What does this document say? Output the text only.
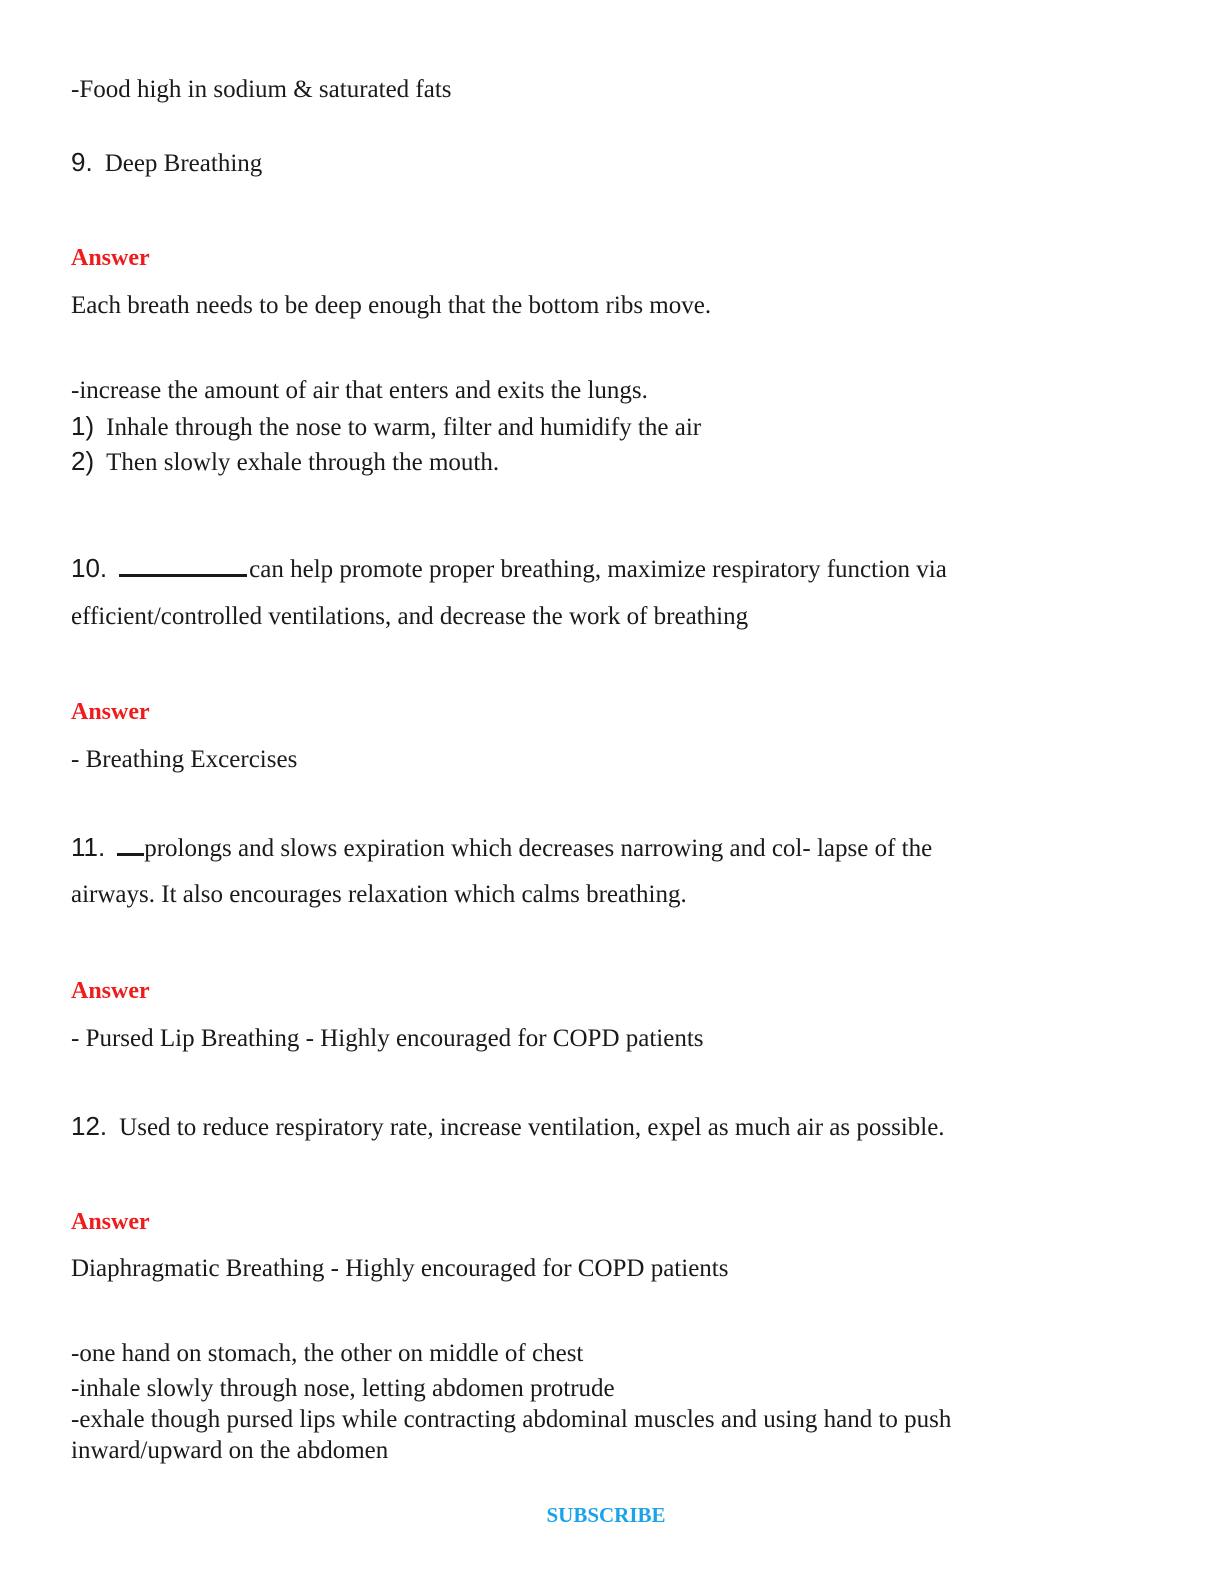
-Food high in sodium & saturated fats
9. Deep Breathing
Answer
Each breath needs to be deep enough that the bottom ribs move.
-increase the amount of air that enters and exits the lungs.
1) Inhale through the nose to warm, filter and humidify the air
2) Then slowly exhale through the mouth.
10.	can help promote proper breathing, maximize respiratory function via
efficient/controlled ventilations, and decrease the work of breathing
Answer
- Breathing Excercises
11. prolongs and slows expiration which decreases narrowing and col- lapse of the
airways. It also encourages relaxation which calms breathing.
Answer
- Pursed Lip Breathing - Highly encouraged for COPD patients
12. Used to reduce respiratory rate, increase ventilation, expel as much air as possible.
Answer
Diaphragmatic Breathing - Highly encouraged for COPD patients
-one hand on stomach, the other on middle of chest
-inhale slowly through nose, letting abdomen protrude
-exhale though pursed lips while contracting abdominal muscles and using hand to push
inward/upward on the abdomen
SUBSCRIBE
